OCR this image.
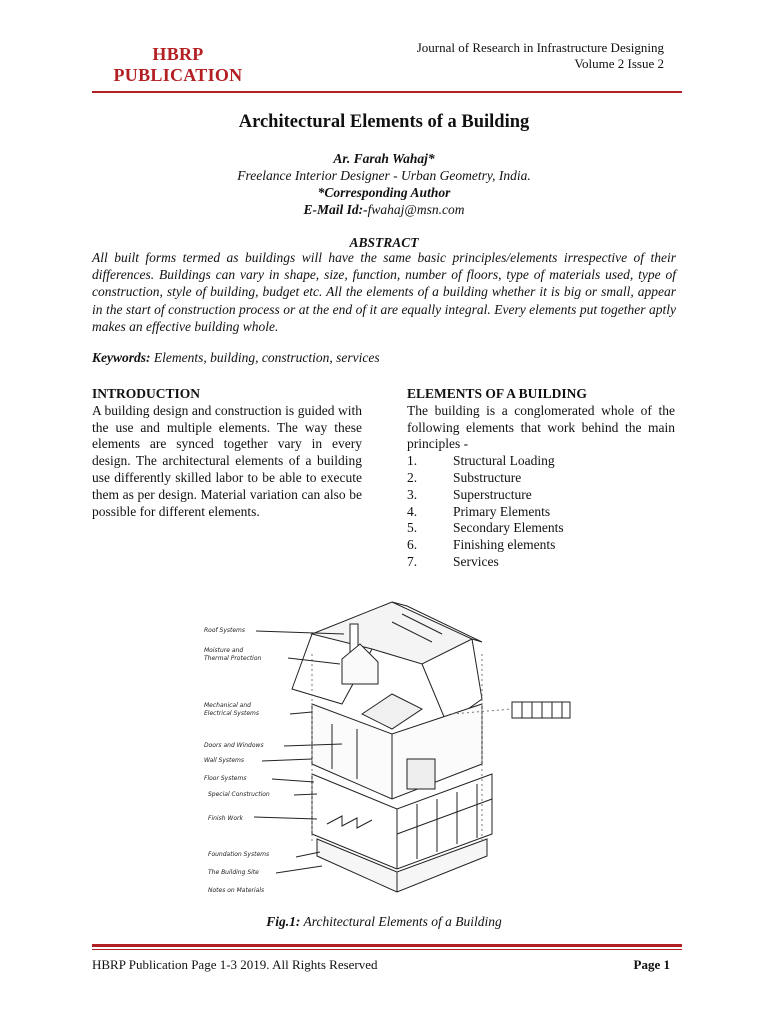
HBRP
PUBLICATION
Journal of Research in Infrastructure Designing
Volume 2 Issue 2
Architectural Elements of a Building
Ar. Farah Wahaj*
Freelance Interior Designer - Urban Geometry, India.
*Corresponding Author
E-Mail Id:-fwahaj@msn.com
ABSTRACT
All built forms termed as buildings will have the same basic principles/elements irrespective of their differences. Buildings can vary in shape, size, function, number of floors, type of materials used, type of construction, style of building, budget etc. All the elements of a building whether it is big or small, appear in the start of construction process or at the end of it are equally integral. Every elements put together aptly makes an effective building whole.
Keywords: Elements, building, construction, services
INTRODUCTION
A building design and construction is guided with the use and multiple elements. The way these elements are synced together vary in every design. The architectural elements of a building use differently skilled labor to be able to execute them as per design. Material variation can also be possible for different elements.
ELEMENTS OF A BUILDING
The building is a conglomerated whole of the following elements that work behind the main principles -
1.	Structural Loading
2.	Substructure
3.	Superstructure
4.	Primary Elements
5.	Secondary Elements
6.	Finishing elements
7.	Services
Roof Systems
Moisture and
Thermal Protection
Mechanical and
Electrical Systems
Doors and Windows
Wall Systems
Floor Systems
Special Construction
Finish Work
Foundation Systems
The Building Site
Notes on Materials
Fig.1: Architectural Elements of a Building
HBRP Publication Page 1-3 2019. All Rights Reserved	Page 1
